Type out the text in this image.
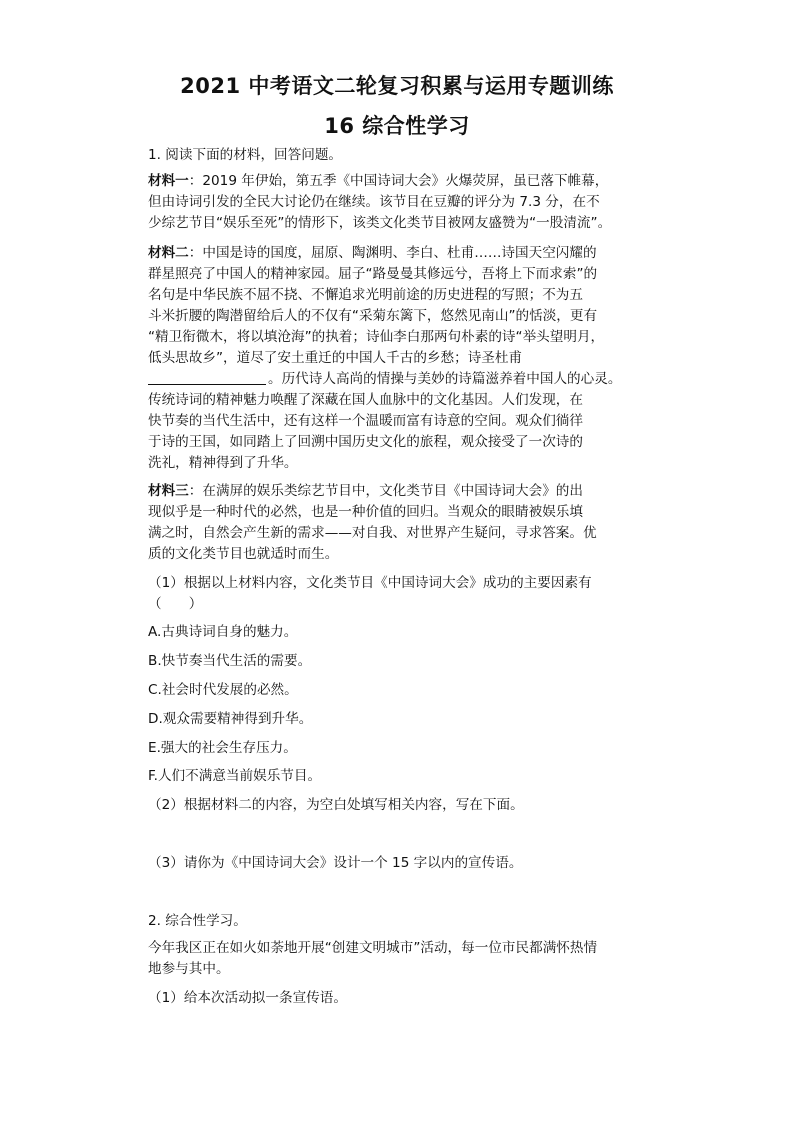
2021 中考语文二轮复习积累与运用专题训练
16 综合性学习
1. 阅读下面的材料，回答问题。
材料一：2019 年伊始，第五季《中国诗词大会》火爆荧屏，虽已落下帷幕，
但由诗词引发的全民大讨论仍在继续。该节目在豆瓣的评分为 7.3 分，在不
少综艺节目“娱乐至死”的情形下，该类文化类节目被网友盛赞为“一股清流”。
材料二：中国是诗的国度，屈原、陶渊明、李白、杜甫……诗国天空闪耀的
群星照亮了中国人的精神家园。屈子“路曼曼其修远兮，吾将上下而求索”的
名句是中华民族不屈不挠、不懈追求光明前途的历史进程的写照；不为五
斗米折腰的陶潜留给后人的不仅有“采菊东篱下，悠然见南山”的恬淡，更有
“精卫衔微木，将以填沧海”的执着；诗仙李白那两句朴素的诗“举头望明月，
低头思故乡”，道尽了安土重迁的中国人千古的乡愁；诗圣杜甫
。历代诗人高尚的情操与美妙的诗篇滋养着中国人的心灵。
传统诗词的精神魅力唤醒了深藏在国人血脉中的文化基因。人们发现，在
快节奏的当代生活中，还有这样一个温暖而富有诗意的空间。观众们徜徉
于诗的王国，如同踏上了回溯中国历史文化的旅程，观众接受了一次诗的
洗礼，精神得到了升华。
材料三：在满屏的娱乐类综艺节目中，文化类节目《中国诗词大会》的出
现似乎是一种时代的必然，也是一种价值的回归。当观众的眼睛被娱乐填
满之时，自然会产生新的需求——对自我、对世界产生疑问，寻求答案。优
质的文化类节目也就适时而生。
（1）根据以上材料内容，文化类节目《中国诗词大会》成功的主要因素有
（　　）
A.古典诗词自身的魅力。
B.快节奏当代生活的需要。
C.社会时代发展的必然。
D.观众需要精神得到升华。
E.强大的社会生存压力。
F.人们不满意当前娱乐节目。
（2）根据材料二的内容，为空白处填写相关内容，写在下面。
（3）请你为《中国诗词大会》设计一个 15 字以内的宣传语。
2. 综合性学习。
今年我区正在如火如荼地开展“创建文明城市”活动，每一位市民都满怀热情
地参与其中。
（1）给本次活动拟一条宣传语。
